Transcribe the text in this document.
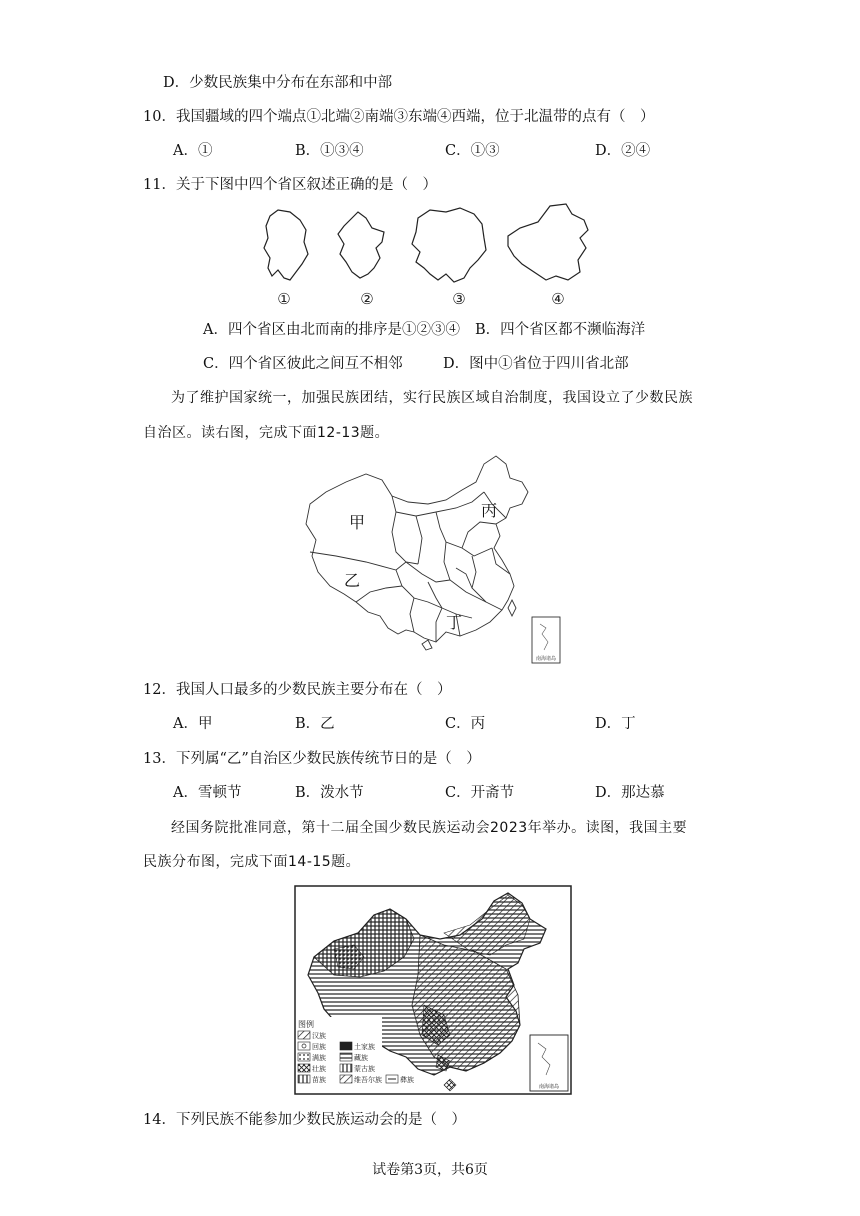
D．少数民族集中分布在东部和中部
10．我国疆域的四个端点①北端②南端③东端④西端，位于北温带的点有（　）
A．①	B．①③④	C．①③	D．②④
11．关于下图中四个省区叙述正确的是（　）
①	②	③	④
A．四个省区由北而南的排序是①②③④ B．四个省区都不濒临海洋
C．四个省区彼此之间互不相邻	D．图中①省位于四川省北部
为了维护国家统一，加强民族团结，实行民族区域自治制度，我国设立了少数民族
自治区。读右图，完成下面12-13题。
南海诸岛
甲
乙
丙
丁
12．我国人口最多的少数民族主要分布在（　）
A．甲	B．乙	C．丙	D．丁
13．下列属“乙”自治区少数民族传统节日的是（　）
A．雪顿节	B．泼水节	C．开斋节	D．那达慕
经国务院批准同意，第十二届全国少数民族运动会2023年举办。读图，我国主要
民族分布图，完成下面14-15题。
图例
汉族
回族
满族
壮族
苗族
土家族
藏族
蒙古族
维吾尔族	彝族
南海诸岛
14．下列民族不能参加少数民族运动会的是（　）
试卷第3页，共6页
